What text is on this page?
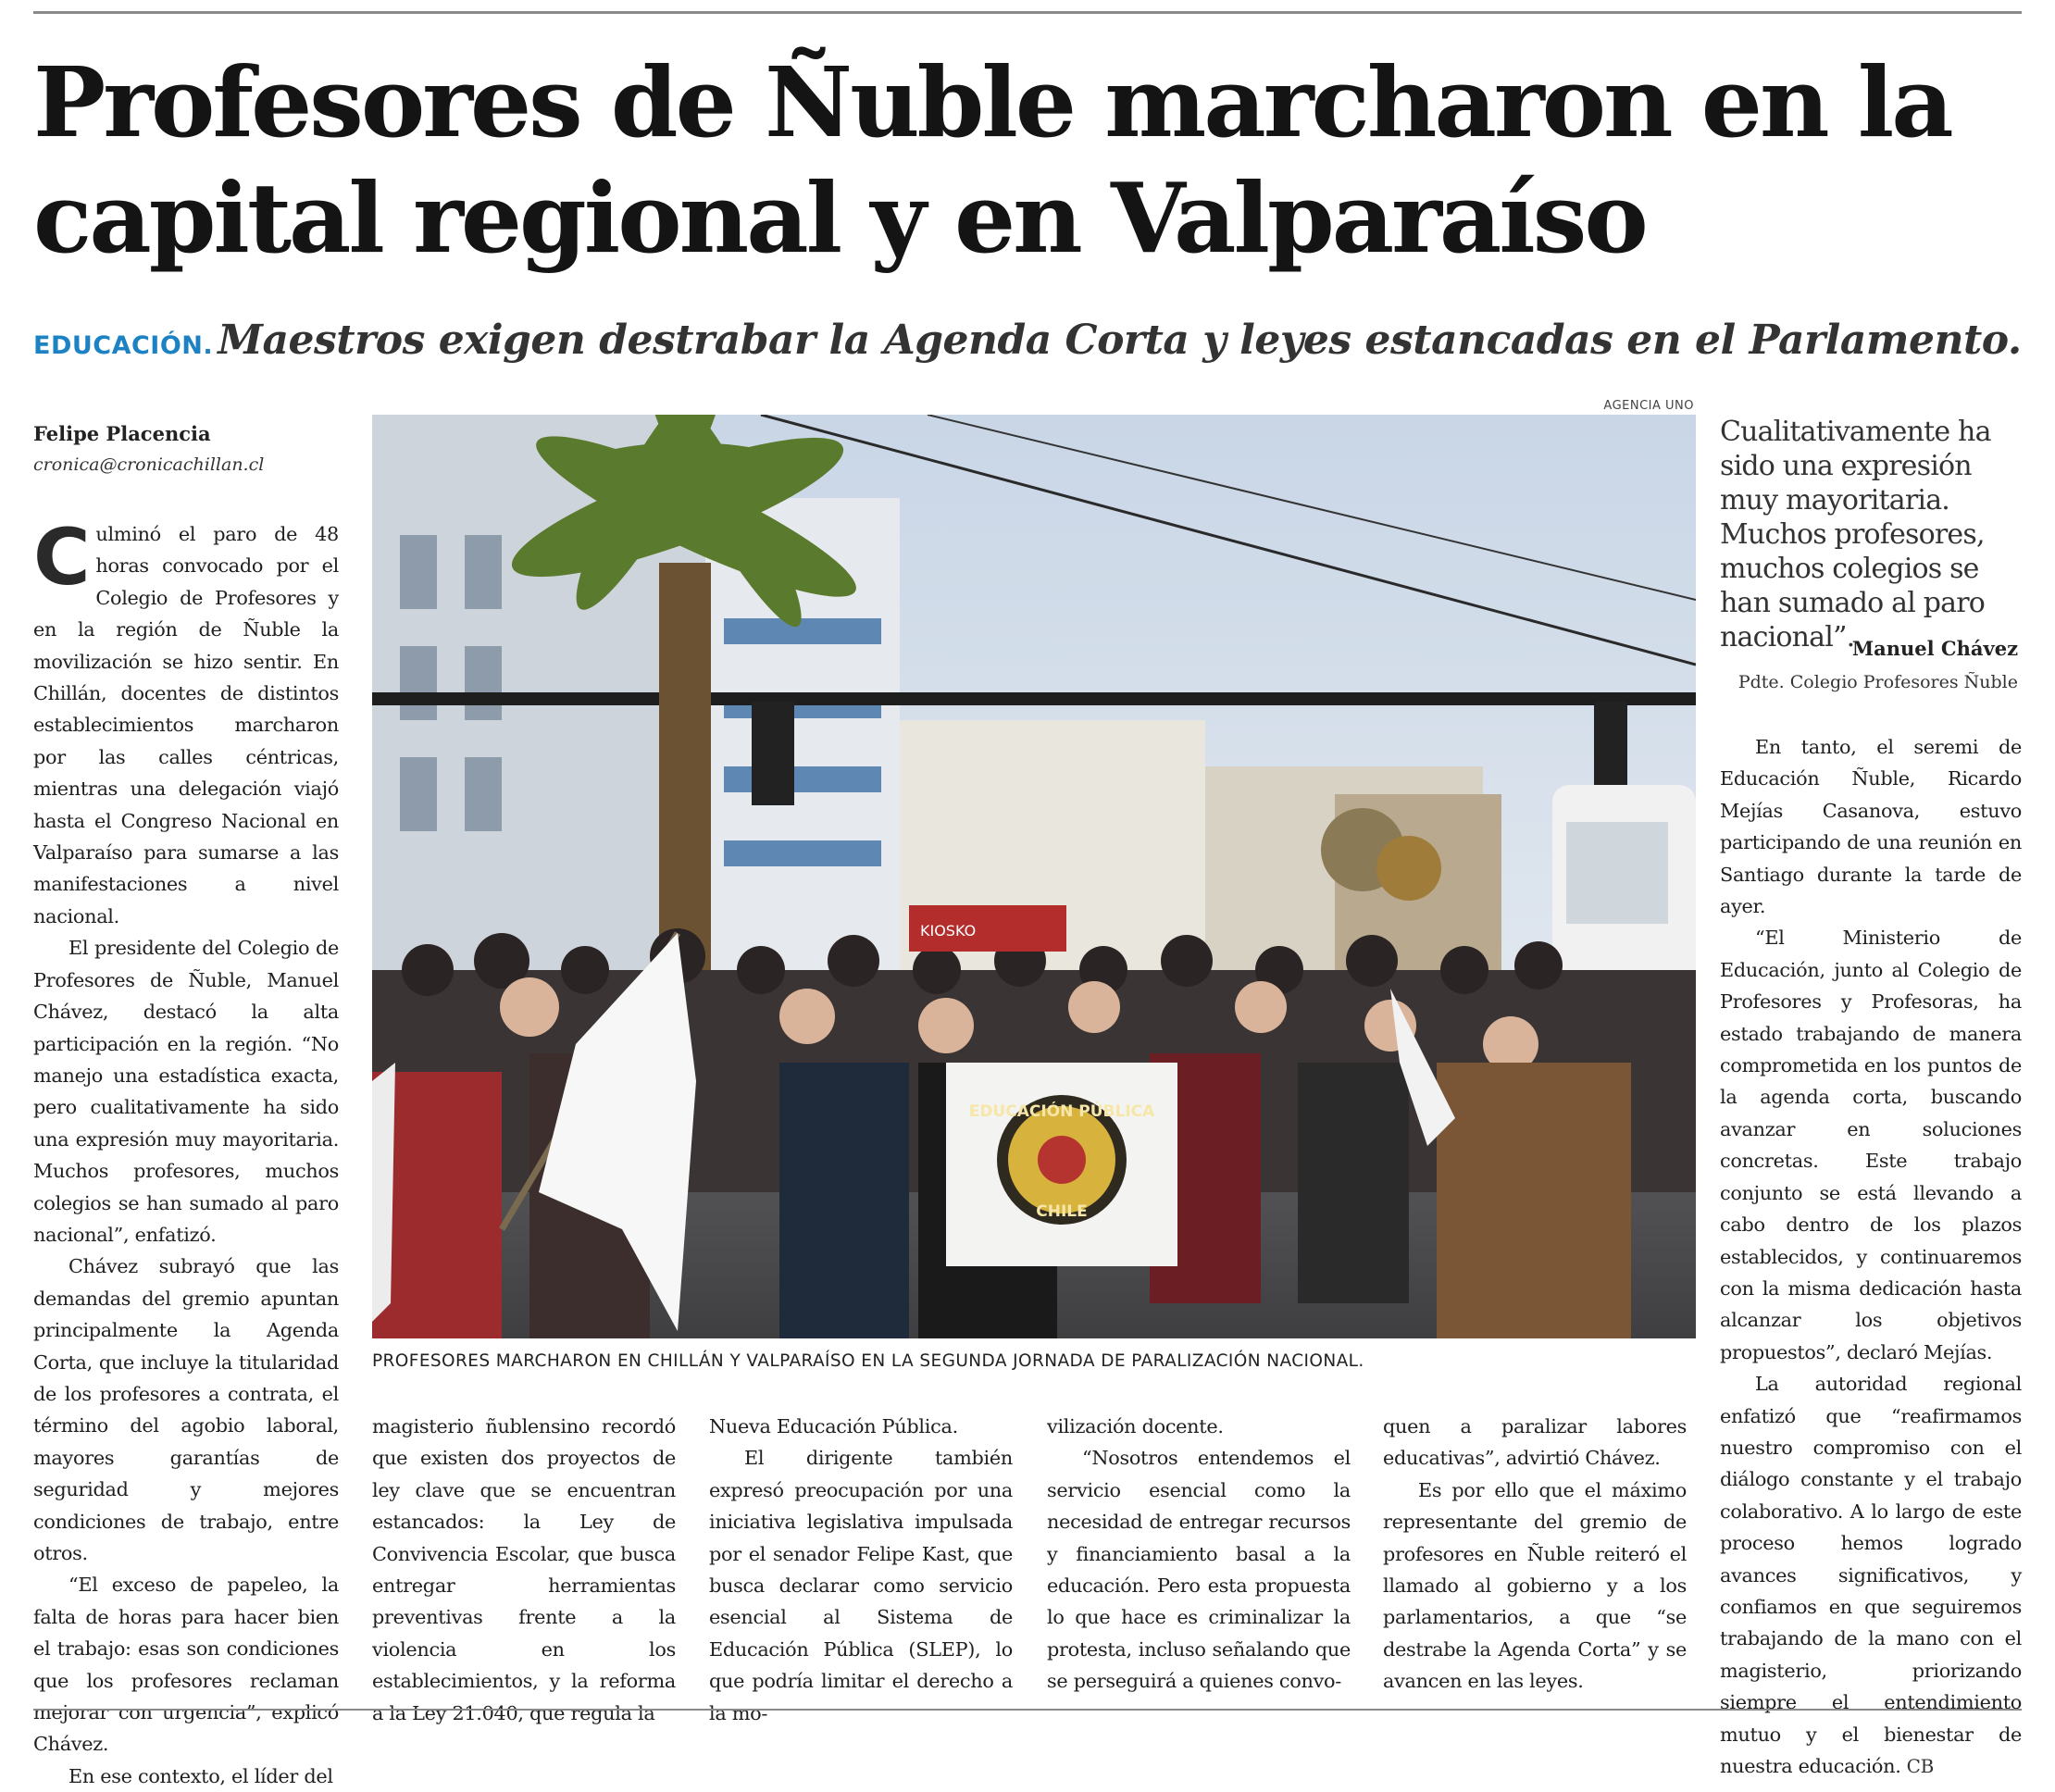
Profesores de Ñuble marcharon en la capital regional y en Valparaíso

EDUCACIÓN. Maestros exigen destrabar la Agenda Corta y leyes estancadas en el Parlamento.

Felipe Placencia
cronica@cronicachillan.cl

Culminó el paro de 48 horas convocado por el Colegio de Profesores y en la región de Ñuble la movilización se hizo sentir. En Chillán, docentes de distintos establecimientos marcharon por las calles céntricas, mientras una delegación viajó hasta el Congreso Nacional en Valparaíso para sumarse a las manifestaciones a nivel nacional.

El presidente del Colegio de Profesores de Ñuble, Manuel Chávez, destacó la alta participación en la región. “No manejo una estadística exacta, pero cualitativamente ha sido una expresión muy mayoritaria. Muchos profesores, muchos colegios se han sumado al paro nacional”, enfatizó.

Chávez subrayó que las demandas del gremio apuntan principalmente la Agenda Corta, que incluye la titularidad de los profesores a contrata, el término del agobio laboral, mayores garantías de seguridad y mejores condiciones de trabajo, entre otros.

“El exceso de papeleo, la falta de horas para hacer bien el trabajo: esas son condiciones que los profesores reclaman mejorar con urgencia”, explicó Chávez.

En ese contexto, el líder del

AGENCIA UNO
EDUCACIÓN PÚBLICA
CHILE
KIOSKO
PROFESORES MARCHARON EN CHILLÁN Y VALPARAÍSO EN LA SEGUNDA JORNADA DE PARALIZACIÓN NACIONAL.

magisterio ñublensino recordó que existen dos proyectos de ley clave que se encuentran estancados: la Ley de Convivencia Escolar, que busca entregar herramientas preventivas frente a la violencia en los establecimientos, y la reforma a la Ley 21.040, que regula la

Nueva Educación Pública.

El dirigente también expresó preocupación por una iniciativa legislativa impulsada por el senador Felipe Kast, que busca declarar como servicio esencial al Sistema de Educación Pública (SLEP), lo que podría limitar el derecho a la mo-

vilización docente.

“Nosotros entendemos el servicio esencial como la necesidad de entregar recursos y financiamiento basal a la educación. Pero esta propuesta lo que hace es criminalizar la protesta, incluso señalando que se perseguirá a quienes convo-

quen a paralizar labores educativas”, advirtió Chávez.

Es por ello que el máximo representante del gremio de profesores en Ñuble reiteró el llamado al gobierno y a los parlamentarios, a que “se destrabe la Agenda Corta” y se avancen en las leyes.

Cualitativamente ha sido una expresión muy mayoritaria. Muchos profesores, muchos colegios se han sumado al paro nacional”.

Manuel Chávez
Pdte. Colegio Profesores Ñuble

En tanto, el seremi de Educación Ñuble, Ricardo Mejías Casanova, estuvo participando de una reunión en Santiago durante la tarde de ayer.

“El Ministerio de Educación, junto al Colegio de Profesores y Profesoras, ha estado trabajando de manera comprometida en los puntos de la agenda corta, buscando avanzar en soluciones concretas. Este trabajo conjunto se está llevando a cabo dentro de los plazos establecidos, y continuaremos con la misma dedicación hasta alcanzar los objetivos propuestos”, declaró Mejías.

La autoridad regional enfatizó que “reafirmamos nuestro compromiso con el diálogo constante y el trabajo colaborativo. A lo largo de este proceso hemos logrado avances significativos, y confiamos en que seguiremos trabajando de la mano con el magisterio, priorizando siempre el entendimiento mutuo y el bienestar de nuestra educación. CB
